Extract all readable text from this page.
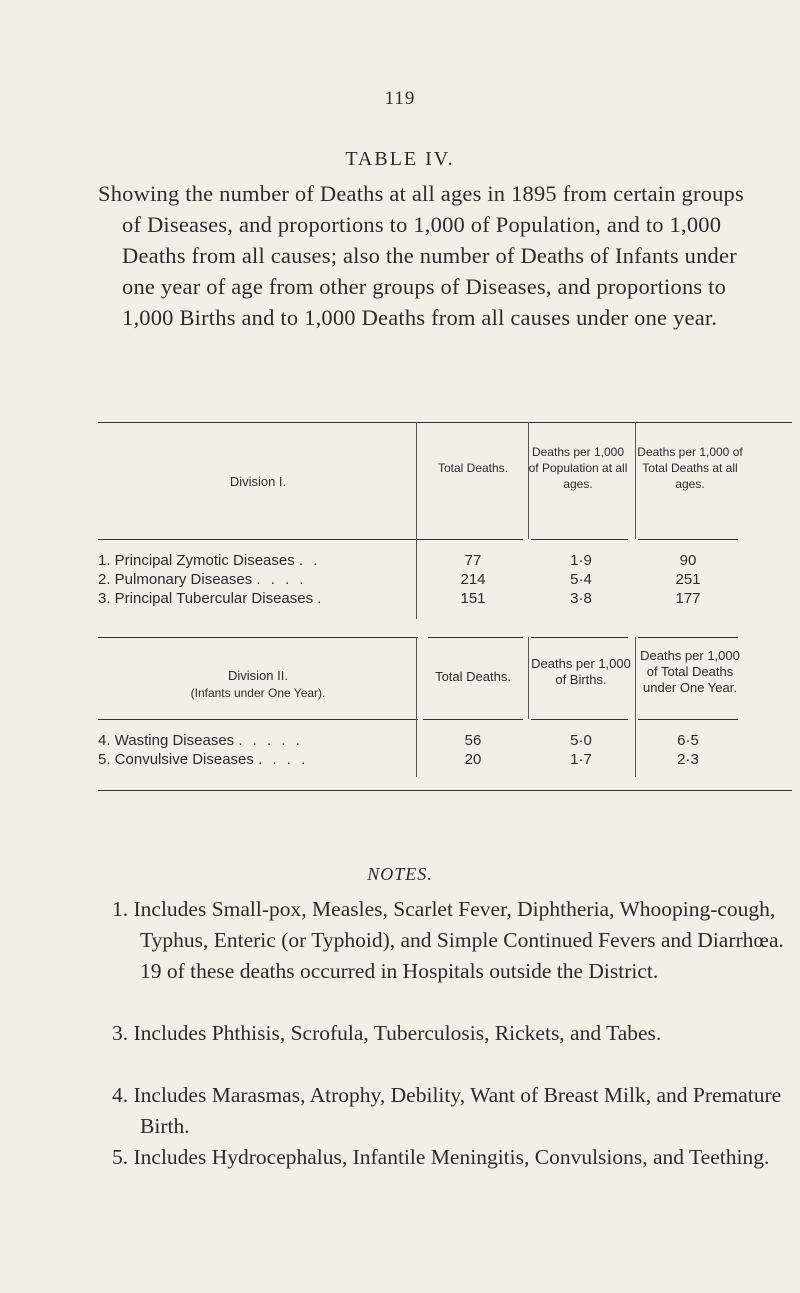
119
TABLE IV.
Showing the number of Deaths at all ages in 1895 from certain groups of Diseases, and proportions to 1,000 of Population, and to 1,000 Deaths from all causes; also the number of Deaths of Infants under one year of age from other groups of Diseases, and proportions to 1,000 Births and to 1,000 Deaths from all causes under one year.
Division I.
Total Deaths.
Deaths per 1,000 of Population at all ages.
Deaths per 1,000 of Total Deaths at all ages.
1. Principal Zymotic Diseases . .	77	1·9	90
2. Pulmonary Diseases . . . .	214	5·4	251
3. Principal Tubercular Diseases .	151	3·8	177
Division II.
(Infants under One Year).
Total Deaths.
Deaths per 1,000 of Births.
Deaths per 1,000 of Total Deaths under One Year.
4. Wasting Diseases . . . . .	56	5·0	6·5
5. Convulsive Diseases . . . .	20	1·7	2·3
NOTES.
1. Includes Small-pox, Measles, Scarlet Fever, Diphtheria, Whooping-cough, Typhus, Enteric (or Typhoid), and Simple Continued Fevers and Diarrhœa. 19 of these deaths occurred in Hospitals outside the District.
3. Includes Phthisis, Scrofula, Tuberculosis, Rickets, and Tabes.
4. Includes Marasmas, Atrophy, Debility, Want of Breast Milk, and Premature Birth.
5. Includes Hydrocephalus, Infantile Meningitis, Convulsions, and Teething.
